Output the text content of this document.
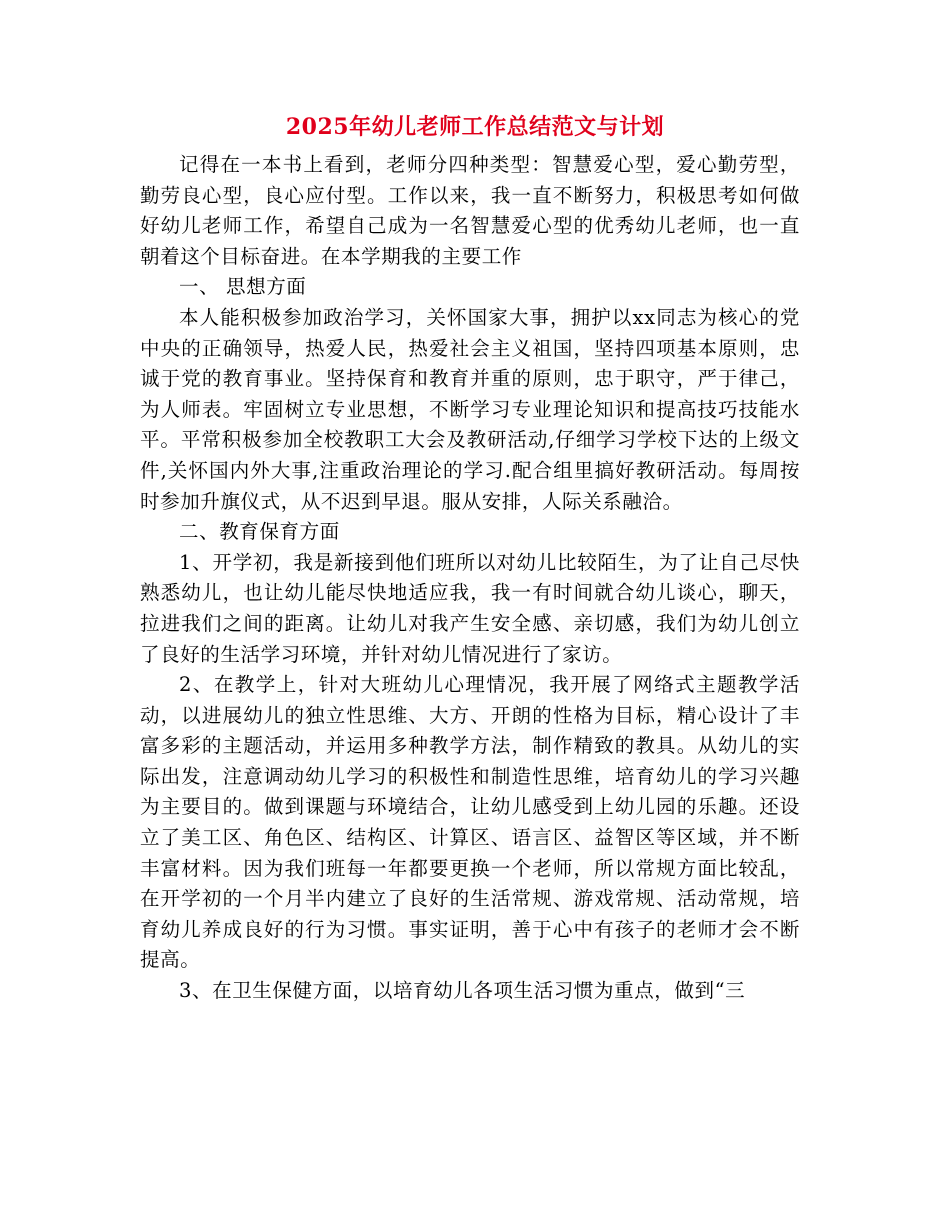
2025年幼儿老师工作总结范文与计划

记得在一本书上看到，老师分四种类型：智慧爱心型，爱心勤劳型，勤劳良心型，良心应付型。工作以来，我一直不断努力，积极思考如何做好幼儿老师工作，希望自己成为一名智慧爱心型的优秀幼儿老师，也一直朝着这个目标奋进。在本学期我的主要工作

一、 思想方面

本人能积极参加政治学习，关怀国家大事，拥护以xx同志为核心的党中央的正确领导，热爱人民，热爱社会主义祖国，坚持四项基本原则，忠诚于党的教育事业。坚持保育和教育并重的原则，忠于职守，严于律己，为人师表。牢固树立专业思想，不断学习专业理论知识和提高技巧技能水平。平常积极参加全校教职工大会及教研活动,仔细学习学校下达的上级文件,关怀国内外大事,注重政治理论的学习.配合组里搞好教研活动。每周按时参加升旗仪式，从不迟到早退。服从安排，人际关系融洽。

二、教育保育方面

1、开学初，我是新接到他们班所以对幼儿比较陌生，为了让自己尽快熟悉幼儿，也让幼儿能尽快地适应我，我一有时间就合幼儿谈心，聊天，拉进我们之间的距离。让幼儿对我产生安全感、亲切感，我们为幼儿创立了良好的生活学习环境，并针对幼儿情况进行了家访。

2、在教学上，针对大班幼儿心理情况，我开展了网络式主题教学活动，以进展幼儿的独立性思维、大方、开朗的性格为目标，精心设计了丰富多彩的主题活动，并运用多种教学方法，制作精致的教具。从幼儿的实际出发，注意调动幼儿学习的积极性和制造性思维，培育幼儿的学习兴趣为主要目的。做到课题与环境结合，让幼儿感受到上幼儿园的乐趣。还设立了美工区、角色区、结构区、计算区、语言区、益智区等区域，并不断丰富材料。因为我们班每一年都要更换一个老师，所以常规方面比较乱，在开学初的一个月半内建立了良好的生活常规、游戏常规、活动常规，培育幼儿养成良好的行为习惯。事实证明，善于心中有孩子的老师才会不断提高。

3、在卫生保健方面，以培育幼儿各项生活习惯为重点，做到“三
